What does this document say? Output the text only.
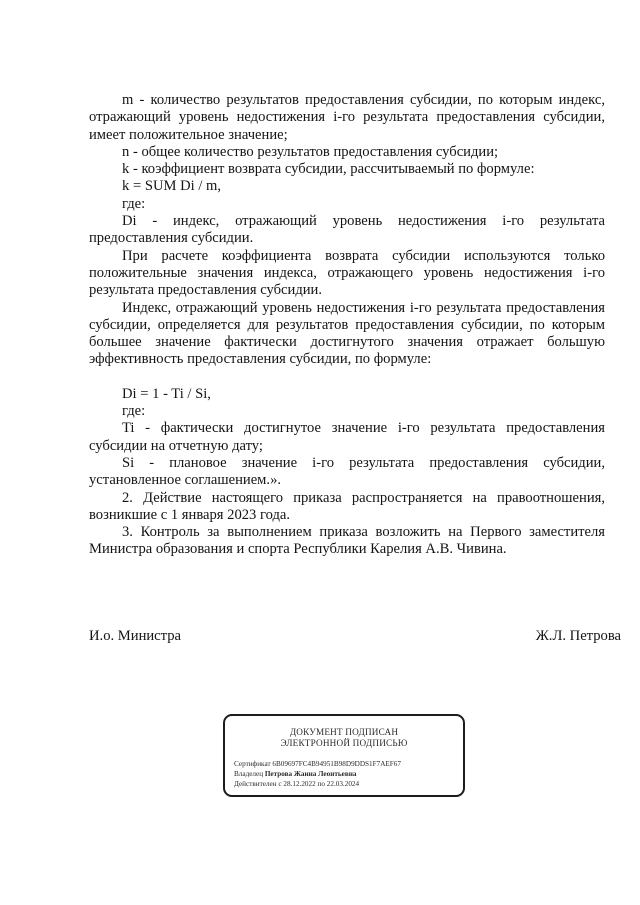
m - количество результатов предоставления субсидии, по которым индекс, отражающий уровень недостижения i-го результата предоставления субсидии, имеет положительное значение;

n - общее количество результатов предоставления субсидии;

k - коэффициент возврата субсидии, рассчитываемый по формуле:

k = SUM Di / m,

где:

Di - индекс, отражающий уровень недостижения i-го результата предоставления субсидии.

При расчете коэффициента возврата субсидии используются только положительные значения индекса, отражающего уровень недостижения i-го результата предоставления субсидии.

Индекс, отражающий уровень недостижения i-го результата предоставления субсидии, определяется для результатов предоставления субсидии, по которым большее значение фактически достигнутого значения отражает большую эффективность предоставления субсидии, по формуле:

Di = 1 - Ti / Si,

где:

Ti - фактически достигнутое значение i-го результата предоставления субсидии на отчетную дату;

Si - плановое значение i-го результата предоставления субсидии, установленное соглашением.».

2. Действие настоящего приказа распространяется на правоотношения, возникшие с 1 января 2023 года.

3. Контроль за выполнением приказа возложить на Первого заместителя Министра образования и спорта Республики Карелия А.В. Чивина.

И.о. Министра	Ж.Л. Петрова
ДОКУМЕНТ ПОДПИСАН
ЭЛЕКТРОННОЙ ПОДПИСЬЮ
Сертификат 6B09697FC4B94951B98D9DDS1F7AEF67
Владелец Петрова Жанна Леонтьевна
Действителен с 28.12.2022 по 22.03.2024
